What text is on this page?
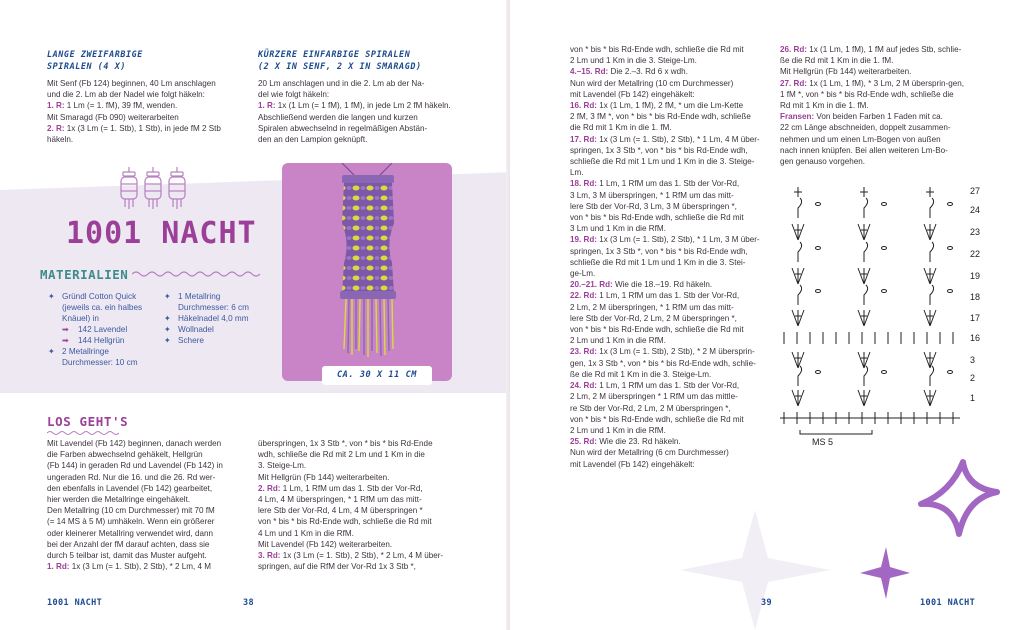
LANGE ZWEIFARBIGE
SPIRALEN (4 X)

Mit Senf (Fb 124) beginnen, 40 Lm anschlagen

und die 2. Lm ab der Nadel wie folgt häkeln:

1. R: 1 Lm (= 1. fM), 39 fM, wenden.

Mit Smaragd (Fb 090) weiterarbeiten

2. R: 1x (3 Lm (= 1. Stb), 1 Stb), in jede fM 2 Stb

häkeln.

KÜRZERE EINFARBIGE SPIRALEN
(2 X IN SENF, 2 X IN SMARAGD)

20 Lm anschlagen und in die 2. Lm ab der Na-

del wie folgt häkeln:

1. R: 1x (1 Lm (= 1 fM), 1 fM), in jede Lm 2 fM häkeln.

Abschließend werden die langen und kurzen

Spiralen abwechselnd in regelmäßigen Abstän-

den an den Lampion geknüpft.

1001 NACHT
MATERIALIEN
✦ Gründl Cotton Quick
(jeweils ca. ein halbes
Knäuel) in
➡ 142 Lavendel
➡ 144 Hellgrün
✦ 2 Metallringe
Durchmesser: 10 cm
✦ 1 Metallring
Durchmesser: 6 cm
✦ Häkelnadel 4,0 mm
✦ Wollnadel
✦ Schere
CA. 30 X 11 CM
LOS GEHT'S

Mit Lavendel (Fb 142) beginnen, danach werden

die Farben abwechselnd gehäkelt, Hellgrün

(Fb 144) in geraden Rd und Lavendel (Fb 142) in

ungeraden Rd. Nur die 16. und die 26. Rd wer-

den ebenfalls in Lavendel (Fb 142) gearbeitet,

hier werden die Metallringe eingehäkelt.

Den Metallring (10 cm Durchmesser) mit 70 fM

(= 14 MS à 5 M) umhäkeln. Wenn ein größerer

oder kleinerer Metallring verwendet wird, dann

bei der Anzahl der fM darauf achten, dass sie

durch 5 teilbar ist, damit das Muster aufgeht.

1. Rd: 1x (3 Lm (= 1. Stb), 2 Stb), * 2 Lm, 4 M

überspringen, 1x 3 Stb *, von * bis * bis Rd-Ende

wdh, schließe die Rd mit 2 Lm und 1 Km in die

3. Steige-Lm.

Mit Hellgrün (Fb 144) weiterarbeiten.

2. Rd: 1 Lm, 1 RfM um das 1. Stb der Vor-Rd,

4 Lm, 4 M überspringen, * 1 RfM um das mitt-

lere Stb der Vor-Rd, 4 Lm, 4 M überspringen *

von * bis * bis Rd-Ende wdh, schließe die Rd mit

4 Lm und 1 Km in die RfM.

Mit Lavendel (Fb 142) weiterarbeiten.

3. Rd: 1x (3 Lm (= 1. Stb), 2 Stb), * 2 Lm, 4 M über-

springen, auf die RfM der Vor-Rd 1x 3 Stb *,

1001 NACHT	38

von * bis * bis Rd-Ende wdh, schließe die Rd mit

2 Lm und 1 Km in die 3. Steige-Lm.

4.–15. Rd: Die 2.–3. Rd 6 x wdh.

Nun wird der Metallring (10 cm Durchmesser)

mit Lavendel (Fb 142) eingehäkelt:

16. Rd: 1x (1 Lm, 1 fM), 2 fM, * um die Lm-Kette

2 fM, 3 fM *, von * bis * bis Rd-Ende wdh, schließe

die Rd mit 1 Km in die 1. fM.

17. Rd: 1x (3 Lm (= 1. Stb), 2 Stb), * 1 Lm, 4 M über-

springen, 1x 3 Stb *, von * bis * bis Rd-Ende wdh,

schließe die Rd mit 1 Lm und 1 Km in die 3. Steige-

Lm.

18. Rd: 1 Lm, 1 RfM um das 1. Stb der Vor-Rd,

3 Lm, 3 M überspringen, * 1 RfM um das mitt-

lere Stb der Vor-Rd, 3 Lm, 3 M überspringen *,

von * bis * bis Rd-Ende wdh, schließe die Rd mit

3 Lm und 1 Km in die RfM.

19. Rd: 1x (3 Lm (= 1. Stb), 2 Stb), * 1 Lm, 3 M über-

springen, 1x 3 Stb *, von * bis * bis Rd-Ende wdh,

schließe die Rd mit 1 Lm und 1 Km in die 3. Stei-

ge-Lm.

20.–21. Rd: Wie die 18.–19. Rd häkeln.

22. Rd: 1 Lm, 1 RfM um das 1. Stb der Vor-Rd,

2 Lm, 2 M überspringen, * 1 RfM um das mitt-

lere Stb der Vor-Rd, 2 Lm, 2 M überspringen *,

von * bis * bis Rd-Ende wdh, schließe die Rd mit

2 Lm und 1 Km in die RfM.

23. Rd: 1x (3 Lm (= 1. Stb), 2 Stb), * 2 M übersprin-

gen, 1x 3 Stb *, von * bis * bis Rd-Ende wdh, schlie-

ße die Rd mit 1 Km in die 3. Steige-Lm.

24. Rd: 1 Lm, 1 RfM um das 1. Stb der Vor-Rd,

2 Lm, 2 M überspringen * 1 RfM um das mittle-

re Stb der Vor-Rd, 2 Lm, 2 M überspringen *,

von * bis * bis Rd-Ende wdh, schließe die Rd mit

2 Lm und 1 Km in die RfM.

25. Rd: Wie die 23. Rd häkeln.

Nun wird der Metallring (6 cm Durchmesser)

mit Lavendel (Fb 142) eingehäkelt:

26. Rd: 1x (1 Lm, 1 fM), 1 fM auf jedes Stb, schlie-

ße die Rd mit 1 Km in die 1. fM.

Mit Hellgrün (Fb 144) weiterarbeiten.

27. Rd: 1x (1 Lm, 1 fM), * 3 Lm, 2 M übersprin-gen,

1 fM *, von * bis * bis Rd-Ende wdh, schließe die

Rd mit 1 Km in die 1. fM.

Fransen: Von beiden Farben 1 Faden mit ca.

22 cm Länge abschneiden, doppelt zusammen-

nehmen und um einen Lm-Bogen von außen

nach innen knüpfen. Bei allen weiteren Lm-Bo-

gen genauso vorgehen.

27
24
23
22
19
18
17
16
3
2
1
MS 5
39	1001 NACHT
